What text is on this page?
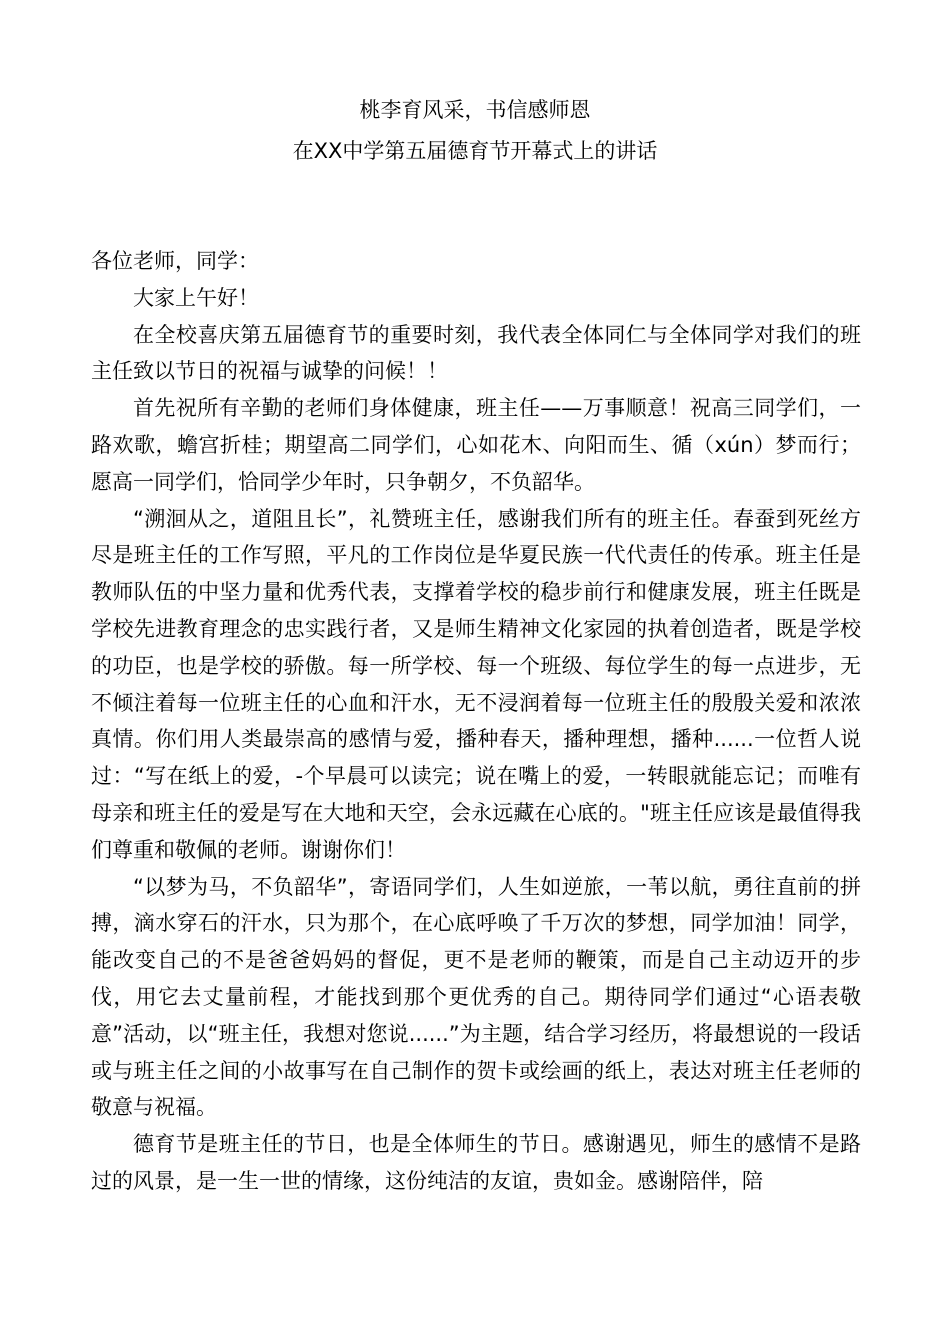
桃李育风采，书信感师恩
在XX中学第五届德育节开幕式上的讲话

各位老师，同学：

大家上午好！

在全校喜庆第五届德育节的重要时刻，我代表全体同仁与全体同学对我们的班主任致以节日的祝福与诚挚的问候！！

首先祝所有辛勤的老师们身体健康，班主任——万事顺意！祝高三同学们，一路欢歌，蟾宫折桂；期望高二同学们，心如花木、向阳而生、循（xún）梦而行；愿高一同学们，恰同学少年时，只争朝夕，不负韶华。

“溯洄从之，道阻且长”，礼赞班主任，感谢我们所有的班主任。春蚕到死丝方尽是班主任的工作写照，平凡的工作岗位是华夏民族一代代责任的传承。班主任是教师队伍的中坚力量和优秀代表，支撑着学校的稳步前行和健康发展，班主任既是学校先进教育理念的忠实践行者，又是师生精神文化家园的执着创造者，既是学校的功臣，也是学校的骄傲。每一所学校、每一个班级、每位学生的每一点进步，无不倾注着每一位班主任的心血和汗水，无不浸润着每一位班主任的殷殷关爱和浓浓真情。你们用人类最崇高的感情与爱，播种春天，播种理想，播种......一位哲人说过：“写在纸上的爱，-个早晨可以读完；说在嘴上的爱，一转眼就能忘记；而唯有母亲和班主任的爱是写在大地和天空，会永远藏在心底的。"班主任应该是最值得我们尊重和敬佩的老师。谢谢你们！

“以梦为马，不负韶华”，寄语同学们，人生如逆旅，一苇以航，勇往直前的拼搏，滴水穿石的汗水，只为那个，在心底呼唤了千万次的梦想，同学加油！同学，能改变自己的不是爸爸妈妈的督促，更不是老师的鞭策，而是自己主动迈开的步伐，用它去丈量前程，才能找到那个更优秀的自己。期待同学们通过“心语表敬意”活动，以“班主任，我想对您说......”为主题，结合学习经历，将最想说的一段话或与班主任之间的小故事写在自己制作的贺卡或绘画的纸上，表达对班主任老师的敬意与祝福。

德育节是班主任的节日，也是全体师生的节日。感谢遇见，师生的感情不是路过的风景，是一生一世的情缘，这份纯洁的友谊，贵如金。感谢陪伴，陪
